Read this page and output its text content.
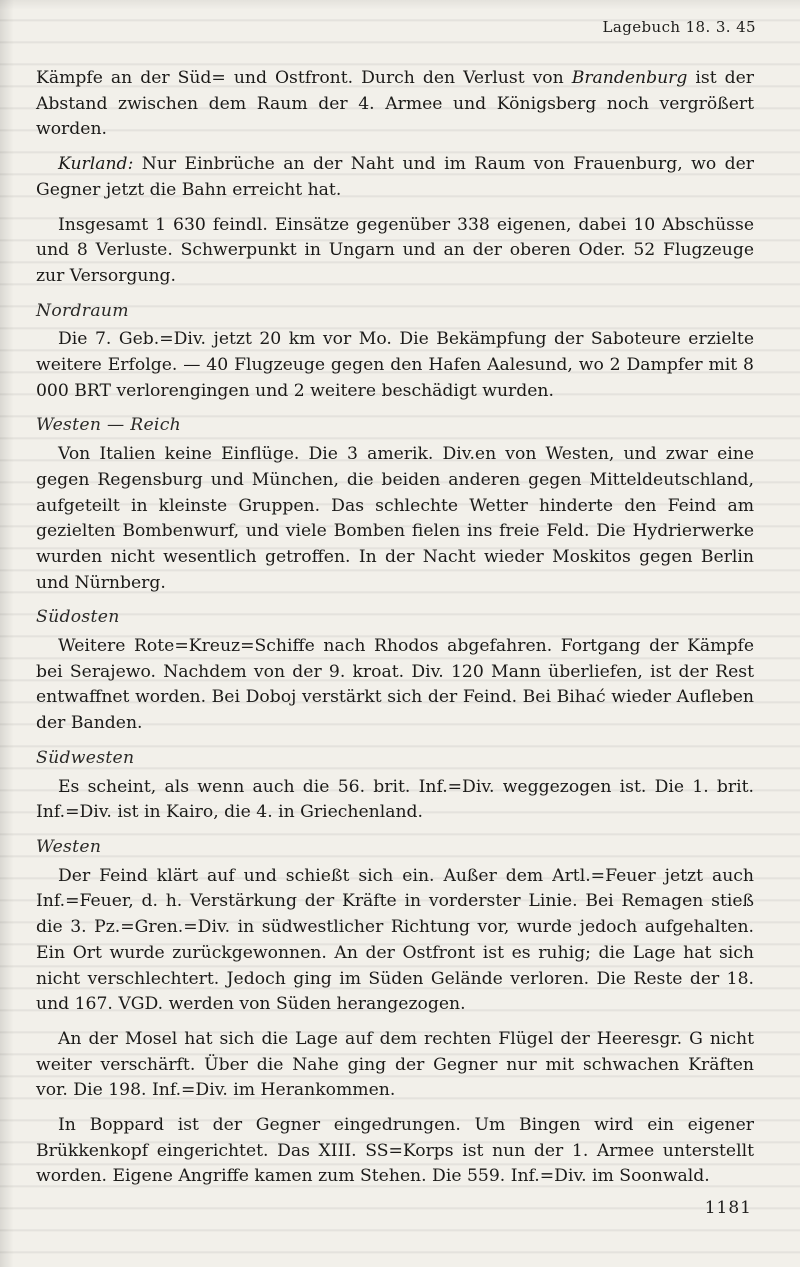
Lagebuch 18. 3. 45

Kämpfe an der Süd= und Ostfront. Durch den Verlust von Brandenburg ist der Abstand zwischen dem Raum der 4. Armee und Königsberg noch vergrößert worden.

Kurland: Nur Einbrüche an der Naht und im Raum von Frauenburg, wo der Gegner jetzt die Bahn erreicht hat.

Insgesamt 1 630 feindl. Einsätze gegenüber 338 eigenen, dabei 10 Abschüsse und 8 Verluste. Schwerpunkt in Ungarn und an der oberen Oder. 52 Flugzeuge zur Versorgung.

Nordraum

Die 7. Geb.=Div. jetzt 20 km vor Mo. Die Bekämpfung der Saboteure erzielte weitere Erfolge. — 40 Flugzeuge gegen den Hafen Aalesund, wo 2 Dampfer mit 8 000 BRT verlorengingen und 2 weitere beschädigt wurden.

Westen — Reich

Von Italien keine Einflüge. Die 3 amerik. Div.en von Westen, und zwar eine gegen Regensburg und München, die beiden anderen gegen Mitteldeutschland, aufgeteilt in kleinste Gruppen. Das schlechte Wetter hinderte den Feind am gezielten Bombenwurf, und viele Bomben fielen ins freie Feld. Die Hydrierwerke wurden nicht wesentlich getroffen. In der Nacht wieder Moskitos gegen Berlin und Nürnberg.

Südosten

Weitere Rote=Kreuz=Schiffe nach Rhodos abgefahren. Fortgang der Kämpfe bei Serajewo. Nachdem von der 9. kroat. Div. 120 Mann überliefen, ist der Rest entwaffnet worden. Bei Doboj verstärkt sich der Feind. Bei Bihać wieder Aufleben der Banden.

Südwesten

Es scheint, als wenn auch die 56. brit. Inf.=Div. weggezogen ist. Die 1. brit. Inf.=Div. ist in Kairo, die 4. in Griechenland.

Westen

Der Feind klärt auf und schießt sich ein. Außer dem Artl.=Feuer jetzt auch Inf.=Feuer, d. h. Verstärkung der Kräfte in vorderster Linie. Bei Remagen stieß die 3. Pz.=Gren.=Div. in südwestlicher Richtung vor, wurde jedoch aufgehalten. Ein Ort wurde zurückgewonnen. An der Ostfront ist es ruhig; die Lage hat sich nicht verschlechtert. Jedoch ging im Süden Gelände verloren. Die Reste der 18. und 167. VGD. werden von Süden herangezogen.

An der Mosel hat sich die Lage auf dem rechten Flügel der Heeresgr. G nicht weiter verschärft. Über die Nahe ging der Gegner nur mit schwachen Kräften vor. Die 198. Inf.=Div. im Herankommen.

In Boppard ist der Gegner eingedrungen. Um Bingen wird ein eigener Brükkenkopf eingerichtet. Das XIII. SS=Korps ist nun der 1. Armee unterstellt worden. Eigene Angriffe kamen zum Stehen. Die 559. Inf.=Div. im Soonwald.

1181
